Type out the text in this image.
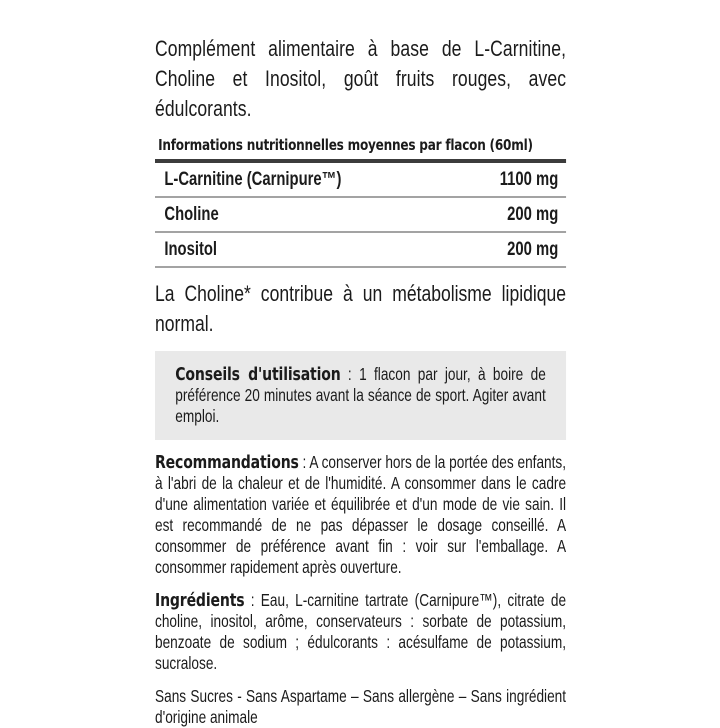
Complément alimentaire à base de L-Carnitine, Choline et Inositol, goût fruits rouges, avec édulcorants.

Informations nutritionnelles moyennes par flacon (60ml)
L-Carnitine (Carnipure™)	1100 mg
Choline	200 mg
Inositol	200 mg

La Choline* contribue à un métabolisme lipidique normal.

Conseils d'utilisation : 1 flacon par jour, à boire de préférence 20 minutes avant la séance de sport. Agiter avant emploi.

Recommandations : A conserver hors de la portée des enfants, à l'abri de la chaleur et de l'humidité. A consommer dans le cadre d'une alimentation variée et équilibrée et d'un mode de vie sain. Il est recommandé de ne pas dépasser le dosage conseillé. A consommer de préférence avant fin : voir sur l'emballage. A consommer rapidement après ouverture.

Ingrédients : Eau, L-carnitine tartrate (Carnipure™), citrate de choline, inositol, arôme, conservateurs : sorbate de potassium, benzoate de sodium ; édulcorants : acésulfame de potassium, sucralose.

Sans Sucres - Sans Aspartame – Sans allergène – Sans ingrédient d'origine animale
